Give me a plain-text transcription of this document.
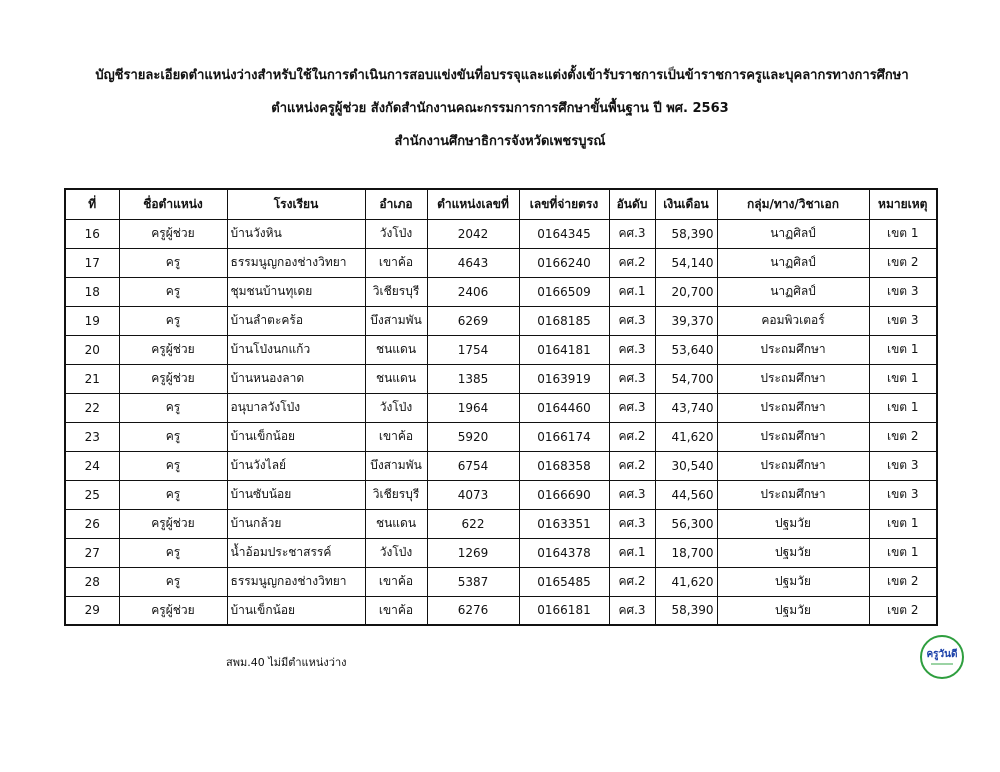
บัญชีรายละเอียดตำแหน่งว่างสำหรับใช้ในการดำเนินการสอบแข่งขันที่อบรรจุและแต่งตั้งเข้ารับราชการเป็นข้าราชการครูและบุคลากรทางการศึกษา
ตำแหน่งครูผู้ช่วย สังกัดสำนักงานคณะกรรมการการศึกษาขั้นพื้นฐาน ปี พศ. 2563
สำนักงานศึกษาธิการจังหวัดเพชรบูรณ์
ที่	ชื่อตำแหน่ง	โรงเรียน	อำเภอ	ตำแหน่งเลขที่	เลขที่จ่ายตรง	อันดับ	เงินเดือน	กลุ่ม/ทาง/วิชาเอก	หมายเหตุ
16	ครูผู้ช่วย	บ้านวังหิน	วังโป่ง	2042	0164345	คศ.3	58,390	นาฏศิลป์	เขต 1
17	ครู	ธรรมนูญกองช่างวิทยา	เขาค้อ	4643	0166240	คศ.2	54,140	นาฏศิลป์	เขต 2
18	ครู	ชุมชนบ้านทุเดย	วิเชียรบุรี	2406	0166509	คศ.1	20,700	นาฏศิลป์	เขต 3
19	ครู	บ้านลำตะคร้อ	บึงสามพัน	6269	0168185	คศ.3	39,370	คอมพิวเตอร์	เขต 3
20	ครูผู้ช่วย	บ้านโป่งนกแก้ว	ชนแดน	1754	0164181	คศ.3	53,640	ประถมศึกษา	เขต 1
21	ครูผู้ช่วย	บ้านหนองลาด	ชนแดน	1385	0163919	คศ.3	54,700	ประถมศึกษา	เขต 1
22	ครู	อนุบาลวังโป่ง	วังโป่ง	1964	0164460	คศ.3	43,740	ประถมศึกษา	เขต 1
23	ครู	บ้านเข็กน้อย	เขาค้อ	5920	0166174	คศ.2	41,620	ประถมศึกษา	เขต 2
24	ครู	บ้านวังไลย์	บึงสามพัน	6754	0168358	คศ.2	30,540	ประถมศึกษา	เขต 3
25	ครู	บ้านซับน้อย	วิเชียรบุรี	4073	0166690	คศ.3	44,560	ประถมศึกษา	เขต 3
26	ครูผู้ช่วย	บ้านกล้วย	ชนแดน	622	0163351	คศ.3	56,300	ปฐมวัย	เขต 1
27	ครู	น้ำอ้อมประชาสรรค์	วังโป่ง	1269	0164378	คศ.1	18,700	ปฐมวัย	เขต 1
28	ครู	ธรรมนูญกองช่างวิทยา	เขาค้อ	5387	0165485	คศ.2	41,620	ปฐมวัย	เขต 2
29	ครูผู้ช่วย	บ้านเข็กน้อย	เขาค้อ	6276	0166181	คศ.3	58,390	ปฐมวัย	เขต 2
สพม.40 ไม่มีตำแหน่งว่าง
ครูวันดี
